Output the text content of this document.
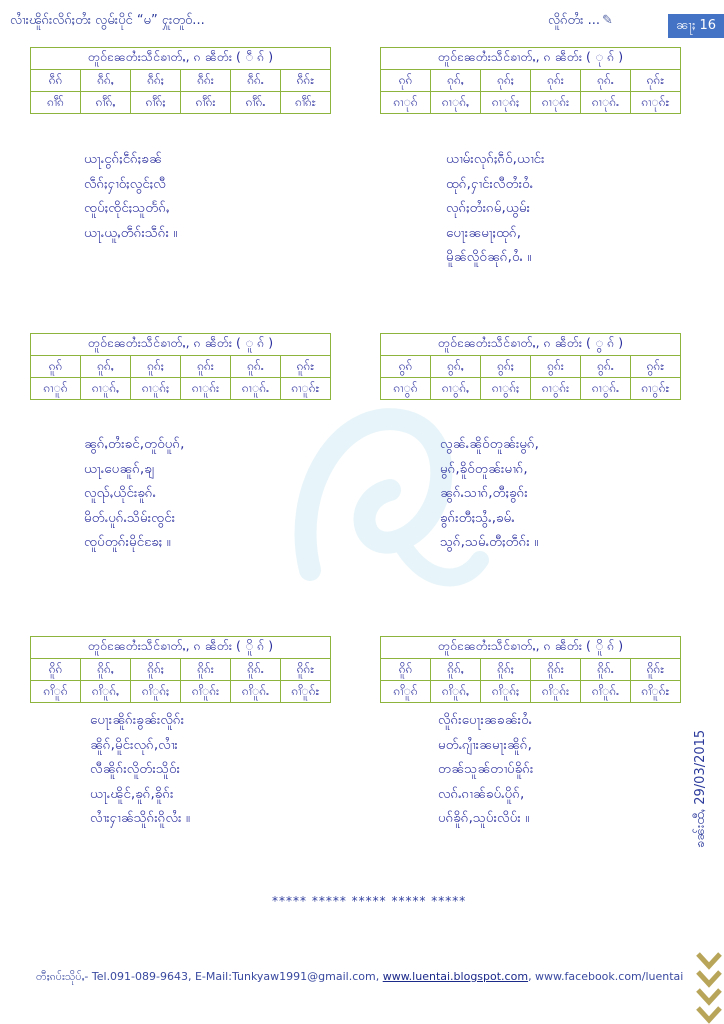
လၢႆးၽိူၵ်းလိၵ်ႈတႆး လွမ်းပိုင် “မ” ႁူးတူဝ်...	လိူၵ်တႆး ... ✎	ၼႃႈ 16
တူဝ်ၼႄတႆးသဵင်ၶၢတ်ႇ, ၵ ၼဵတ်း ( ဵ ၵ် )					
ၵဵၵ်	ၵဵၵ်ႇ	ၵဵၵ်ႈ	ၵဵၵ်း	ၵဵၵ်ႉ	ၵဵၵ်ႊ
ၵၢဵၵ်	ၵၢဵၵ်ႇ	ၵၢဵၵ်ႈ	ၵၢဵၵ်း	ၵၢဵၵ်ႉ	ၵၢဵၵ်ႊ
တူဝ်ၼႄတႆးသဵင်ၶၢတ်ႇ, ၵ ၼဵတ်း ( ု ၵ် )					
ၵုၵ်	ၵုၵ်ႇ	ၵုၵ်ႈ	ၵုၵ်း	ၵုၵ်ႉ	ၵုၵ်ႊ
ၵၢုၵ်	ၵၢုၵ်ႇ	ၵၢုၵ်ႈ	ၵၢုၵ်း	ၵၢုၵ်ႉ	ၵၢုၵ်ႊ
တူဝ်ၼႄတႆးသဵင်ၶၢတ်ႇ, ၵ ၼဵတ်း ( ူ ၵ် )					
ၵူၵ်	ၵူၵ်ႇ	ၵူၵ်ႈ	ၵူၵ်း	ၵူၵ်ႉ	ၵူၵ်ႊ
ၵၢူၵ်	ၵၢူၵ်ႇ	ၵၢူၵ်ႈ	ၵၢူၵ်း	ၵၢူၵ်ႉ	ၵၢူၵ်ႊ
တူဝ်ၼႄတႆးသဵင်ၶၢတ်ႇ, ၵ ၼဵတ်း ( ွ ၵ် )					
ၵွၵ်	ၵွၵ်ႇ	ၵွၵ်ႈ	ၵွၵ်း	ၵွၵ်ႉ	ၵွၵ်ႊ
ၵၢွၵ်	ၵၢွၵ်ႇ	ၵၢွၵ်ႈ	ၵၢွၵ်း	ၵၢွၵ်ႉ	ၵၢွၵ်ႊ
တူဝ်ၼႄတႆးသဵင်ၶၢတ်ႇ, ၵ ၼဵတ်း ( ိူ ၵ် )					
ၵိူၵ်	ၵိူၵ်ႇ	ၵိူၵ်ႈ	ၵိူၵ်း	ၵိူၵ်ႉ	ၵိူၵ်ႊ
ၵၢိူၵ်	ၵၢိူၵ်ႇ	ၵၢိူၵ်ႈ	ၵၢိူၵ်း	ၵၢိူၵ်ႉ	ၵၢိူၵ်ႊ
တူဝ်ၼႄတႆးသဵင်ၶၢတ်ႇ, ၵ ၼဵတ်း ( ိူ ၵ် )					
ၵိူၵ်	ၵိူၵ်ႇ	ၵိူၵ်ႈ	ၵိူၵ်း	ၵိူၵ်ႉ	ၵိူၵ်ႊ
ၵၢိူၵ်	ၵၢိူၵ်ႇ	ၵၢိူၵ်ႈ	ၵၢိူၵ်း	ၵၢိူၵ်ႉ	ၵၢိူၵ်ႊ
ယႃႉငွၵ်ႈငဵၵ်ႈၶၼ်
လဵၵ်ႈႁၢဝ်ႈလွင်ႈလီ
ၸူပ်ႈၸိုင်ႈသူတႅၵ်ႇ
ယႃႉယူႇတဵၵ်းသဵၵ်း ။
ယၢမ်းလုၵ်ႈၵဵဝ်,ယၢင်း
ထုၵ်,ႁၢင်းလီတႆးဝႆႉ
လုၵ်ႈတႆးၵမ်,ယွမ်း
ပေႃးၼမႃႈထုၵ်,
မိူၼ်လိူဝ်ၼုၵ်,ဝႆႉ ။
ၼွၵ်ႇတႆးၶင်,တူဝ်ပူၵ်,
ယႃႉပေၼူၵ်,ၶျ
လူၺ်ႇယိုင်းၶူၵ်ႉ
မိတ်ႉပူၵ်ႉသိမ်းၸွင်း
ၸူပ်တူၵ်းမိုင်ၶႄႈ ။
လွၼ်ႉၼိူဝ်တူၼ်းမွၵ်,
မွၵ်,ၶိူဝ်တူၼ်းမၢၵ်,
ၼွၵ်ႉသၢၵ်,တီႈၶွၵ်း
ၶွၵ်းတီႈသွႆႉ,ၶမ်ႉ
သွၵ်,သမ်ႉတီႈတဵၵ်း ။
ပေႃးၼိူၵ်းၶွၼ်းလိူၵ်း
ၼိူၵ်,မိူင်းလုၵ်,လၢႆး
လီၼိူၵ်းလိူတ်းသိူဝ်း
ယႃႉၽိူင်,ၶူၵ်,ၶိူၵ်း
လၢႆးႁၢၼ်သိူၵ်းၵိူလႆး ။
လိူၵ်းပေႃးၼၶၼ်းဝႆႉ
မတ်ႉၵျၢႆးၼမႃးၼိူၵ်,
တၼ်သူၼ်တၢပ်ၶိူၵ်း
လၵ်ႉၵၢၼ်ၶပ်ႉပိူၵ်,
ပၵ်ၶိူၵ်,သူပ်းလိပ်း ။
***** ***** ***** ***** *****
ၶၼ်းထီႇ 29/03/2015
တီႈၵပ်းသိုပ်ႇ- Tel.091-089-9643, E-Mail:Tunkyaw1991@gmail.com, www.luentai.blogspot.com, www.facebook.com/luentai
